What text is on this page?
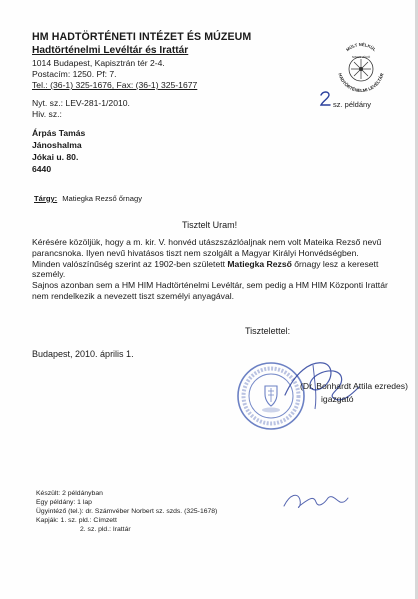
HM HADTÖRTÉNETI INTÉZET ÉS MÚZEUM
Hadtörténelmi Levéltár és Irattár
1014 Budapest, Kapisztrán tér 2-4.
Postacím: 1250. Pf: 7.
Tel.: (36-1) 325-1676, Fax: (36-1) 325-1677
MÚLT NÉLKÜL
NINCS JÖVŐ
HADTÖRTÉNELMI LEVÉLTÁR
sz. példány
Nyt. sz.: LEV-281-1/2010.
Hiv. sz.:
Árpás Tamás
Jánoshalma
Jókai u. 80.
6440
Tárgy: Matiegka Rezső őrnagy
Tisztelt Uram!

Kérésére közöljük, hogy a m. kir. V. honvéd utászszázlóaljnak nem volt Mateika Rezső nevű parancsnoka. Ilyen nevű hivatásos tiszt nem szolgált a Magyar Királyi Honvédségben. Minden valószínűség szerint az 1902-ben született Matiegka Rezső őrnagy lesz a keresett személy.

Sajnos azonban sem a HM HIM Hadtörténelmi Levéltár, sem pedig a HM HIM Központi Irattár nem rendelkezik a nevezett tiszt személyi anyagával.

Tisztelettel:
Budapest, 2010. április 1.
(Dr. Bonhardt Attila ezredes)
igazgató
Készült: 2 példányban
Egy példány: 1 lap
Ügyintéző (tel.): dr. Számvéber Norbert sz. szds. (325-1678)
Kapják: 1. sz. pld.: Címzett
2. sz. pld.: Irattár
